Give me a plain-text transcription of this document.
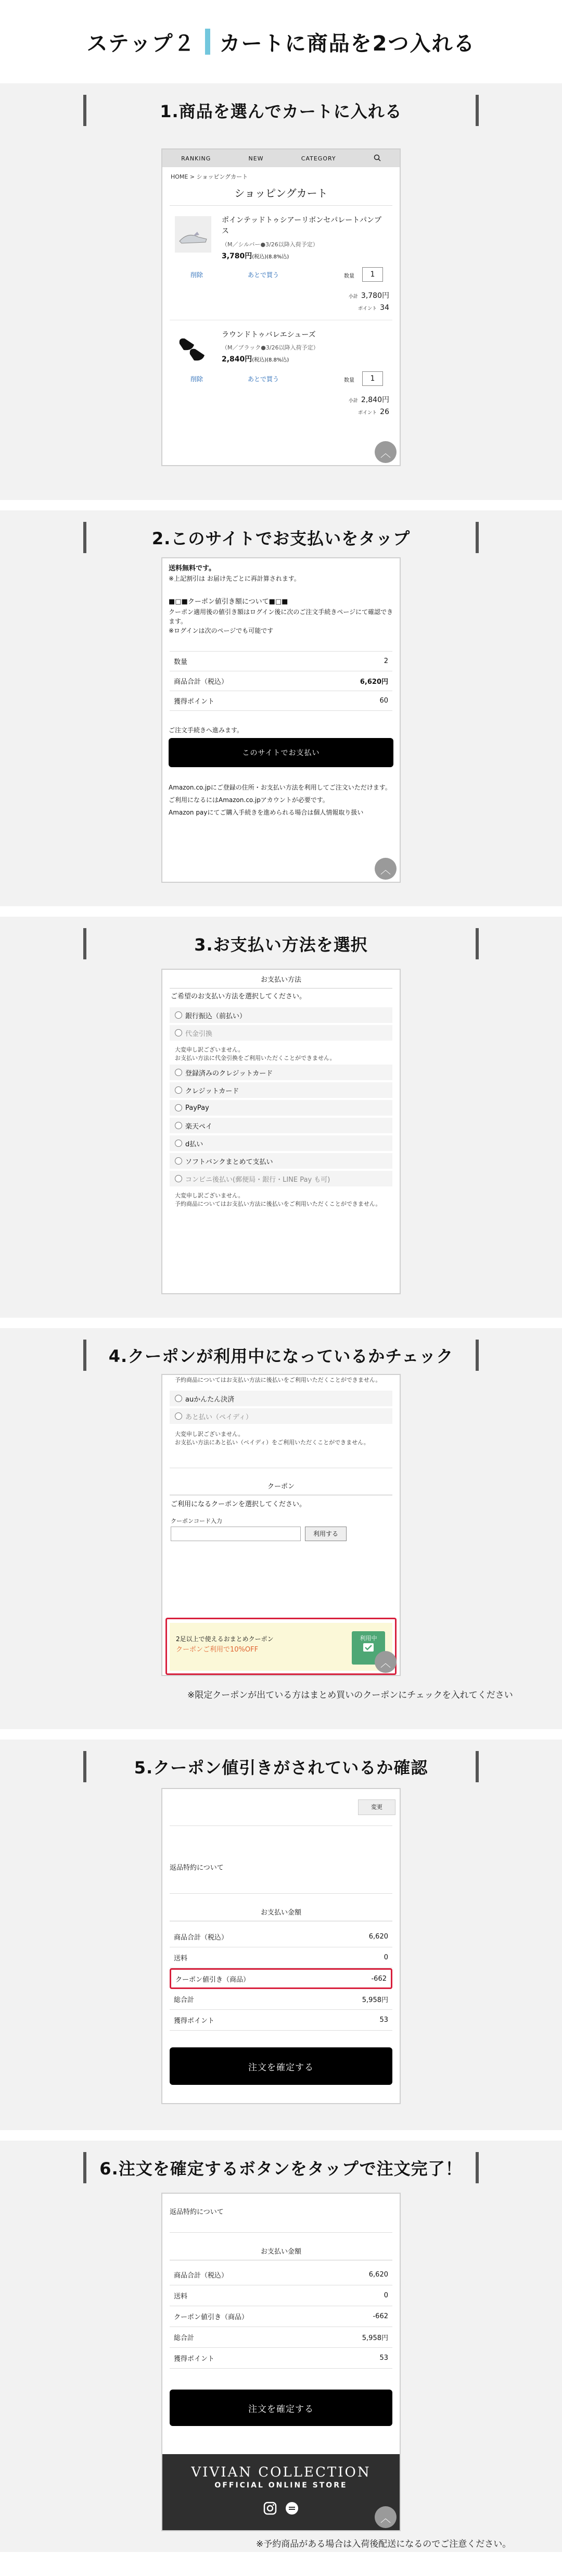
ステップ２ カートに商品を2つ入れる
1.商品を選んでカートに入れる
RANKING	NEW	CATEGORY
HOME > ショッピングカート
ショッピングカート
ポインテッドトゥシアーリボンセパレートパンプス
（M／シルバー●3/26以降入荷予定）
3,780円(税込)(8.8%込)
削除	あとで買う	数量	1
小計 3,780円
ポイント 34
ラウンドトゥバレエシューズ
（M／ブラック●3/26以降入荷予定）
2,840円(税込)(8.8%込)
削除	あとで買う	数量	1
小計 2,840円
ポイント 26
︿
2.このサイトでお支払いをタップ
送料無料です。
※上記割引は お届け先ごとに再計算されます。
■□■クーポン値引き額について■□■
クーポン適用後の値引き額はログイン後に次のご注文手続きページにて確認できます。
※ログインは次のページでも可能です
数量	2
商品合計（税込）	6,620円
獲得ポイント	60
ご注文手続きへ進みます。
このサイトでお支払い
Amazon.co.jpにご登録の住所・お支払い方法を利用してご注文いただけます。
ご利用になるにはAmazon.co.jpアカウントが必要です。
Amazon payにてご購入手続きを進められる場合は個人情報取り扱い
︿
3.お支払い方法を選択
お支払い方法
ご希望のお支払い方法を選択してください。
銀行振込（前払い）
代金引換
大変申し訳ございません。
お支払い方法に代金引換をご利用いただくことができません。
登録済みのクレジットカード
クレジットカード
PayPay
楽天ペイ
d払い
ソフトバンクまとめて支払い
コンビニ後払い(郵便局・銀行・LINE Pay も可)
大変申し訳ございません。
予約商品についてはお支払い方法に後払いをご利用いただくことができません。
4.クーポンが利用中になっているかチェック
予約商品についてはお支払い方法に後払いをご利用いただくことができません。
auかんたん決済
あと払い（ペイディ）
大変申し訳ございません。
お支払い方法にあと払い（ペイディ）をご利用いただくことができません。
クーポン
ご利用になるクーポンを選択してください。
クーポンコード入力
利用する
2足以上で使えるおまとめクーポン
クーポンご利用で10%OFF
利用中
︿
※限定クーポンが出ている方はまとめ買いのクーポンにチェックを入れてください
5.クーポン値引きがされているか確認
変更
返品特約について
お支払い金額
商品合計（税込）	6,620
送料	0
クーポン値引き（商品）	-662
総合計	5,958円
獲得ポイント	53
注文を確定する
6.注文を確定するボタンをタップで注文完了！
返品特約について
お支払い金額
商品合計（税込）	6,620
送料	0
クーポン値引き（商品）	-662
総合計	5,958円
獲得ポイント	53
注文を確定する
VIVIAN COLLECTION
OFFICIAL ONLINE STORE
︿
※予約商品がある場合は入荷後配送になるのでご注意ください。
